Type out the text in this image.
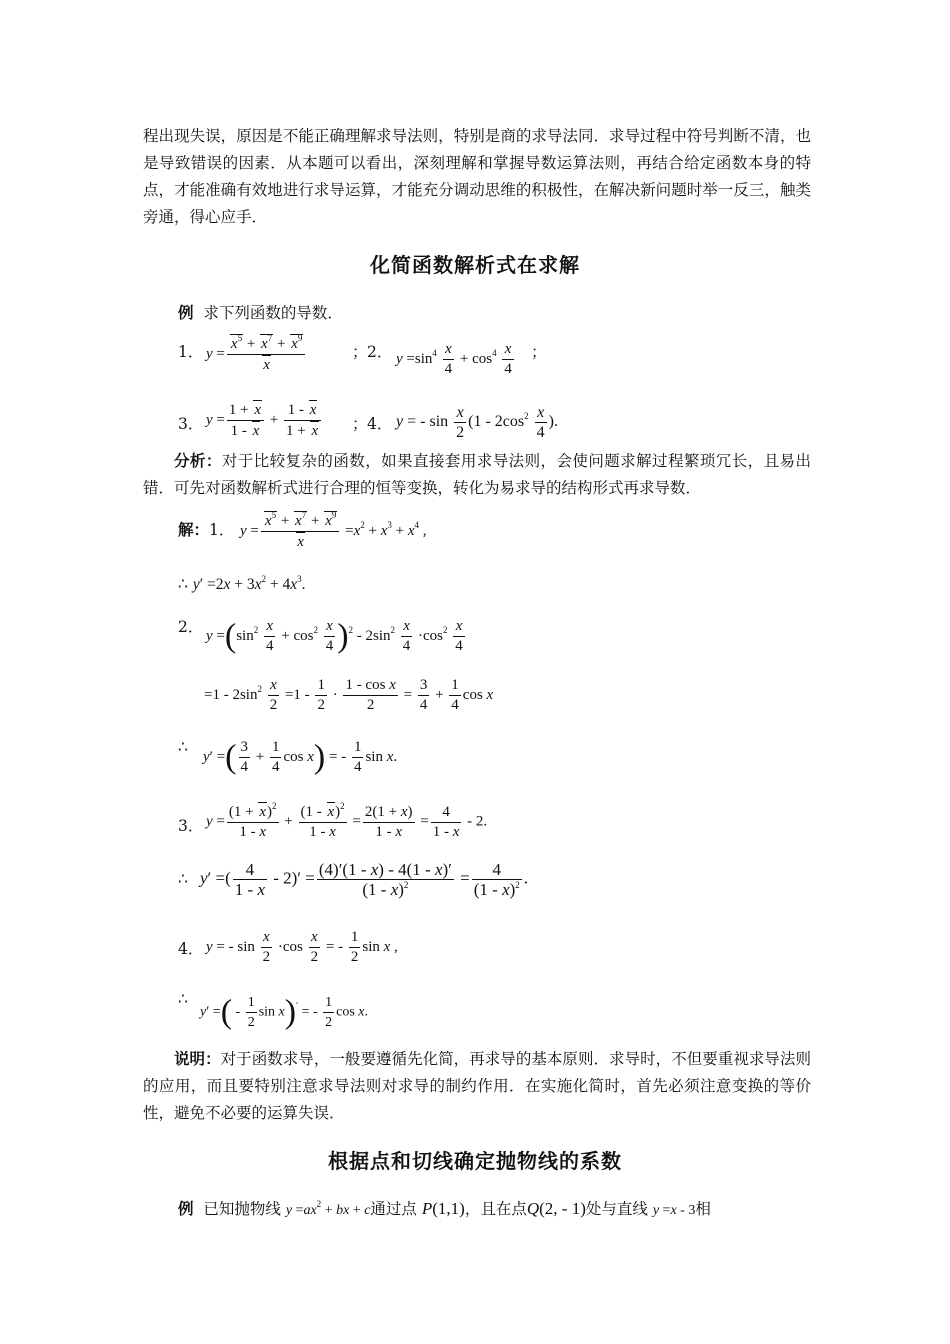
程出现失误，原因是不能正确理解求导法则，特别是商的求导法同．求导过程中符号判断不清，也是导致错误的因素．从本题可以看出，深刻理解和掌握导数运算法则，再结合给定函数本身的特点，才能准确有效地进行求导运算，才能充分调动思维的积极性，在解决新问题时举一反三，触类旁通，得心应手．
化简函数解析式在求解
例 求下列函数的导数．
1． $y = \frac{x^5 + x^7 + x^9}{x}$	； 2． $y =\sin^4 \frac{x}{4} + \cos^4 \frac{x}{4}$ ；
3． $y = \frac{1 + x}{1 - x} + \frac{1 - x}{1 + x}$ ； 4． y = - $\sin \frac{x}{2} (1 - 2\cos^2 \frac{x}{4}$ ).
分析：对于比较复杂的函数，如果直接套用求导法则，会使问题求解过程繁琐冗长，且易出错．可先对函数解析式进行合理的恒等变换，转化为易求导的结构形式再求导数．
解：1． $y = \frac{x^5 + x^7 + x^9}{x} =x^2 + x^3 + x^4$ ,
∴ $y' =2x + 3x^2 + 4x^3$.
2． $y =(\sin^2 \frac{x}{4} + \cos^2 \frac{x}{4} )^2 - 2\sin^2 \frac{x}{4} \cdot\cos^2 \frac{x}{4}$
$=1 - 2\sin^2 \frac{x}{2} =1 - \frac{1}{2} \cdot \frac{\text{1 - cos x}}{2} = \frac{3}{4} + \frac{1}{4}$ cos x
∴
y′ =( $\frac{3}{4} + \frac{1}{4}$ cos x) = - $\frac{1}{4}$ sin x.
3． $y = \frac{(1 + x)^2}{1 - x} + \frac{(1 - x)^2}{1 - x} = \frac{2(1 + x)}{1 - x} = \frac{4}{1 - x} - 2$.
∴ y′ =( $\frac{4}{1 - x} - 2)' = \frac{(4)'(1 - x) - 4(1 - x)'}{(1 - x)^2} = \frac{4}{(1 - x)^2}$ .
4． y = - $\sin \frac{x}{2} \cdot\cos \frac{x}{2}$ = - $\frac{1}{2}$ sin x ,
∴
y′ =( - $\frac{1}{2}$ sin x)′ = - $\frac{1}{2}$ cos x.
说明：对于函数求导，一般要遵循先化简，再求导的基本原则．求导时，不但要重视求导法则的应用，而且要特别注意求导法则对求导的制约作用．在实施化简时，首先必须注意变换的等价性，避免不必要的运算失误．
根据点和切线确定抛物线的系数
例 已知抛物线 $y =ax^2$ + bx + c通过点 P(1,1)，且在点Q(2, - 1)处与直线 y =x - 3相
